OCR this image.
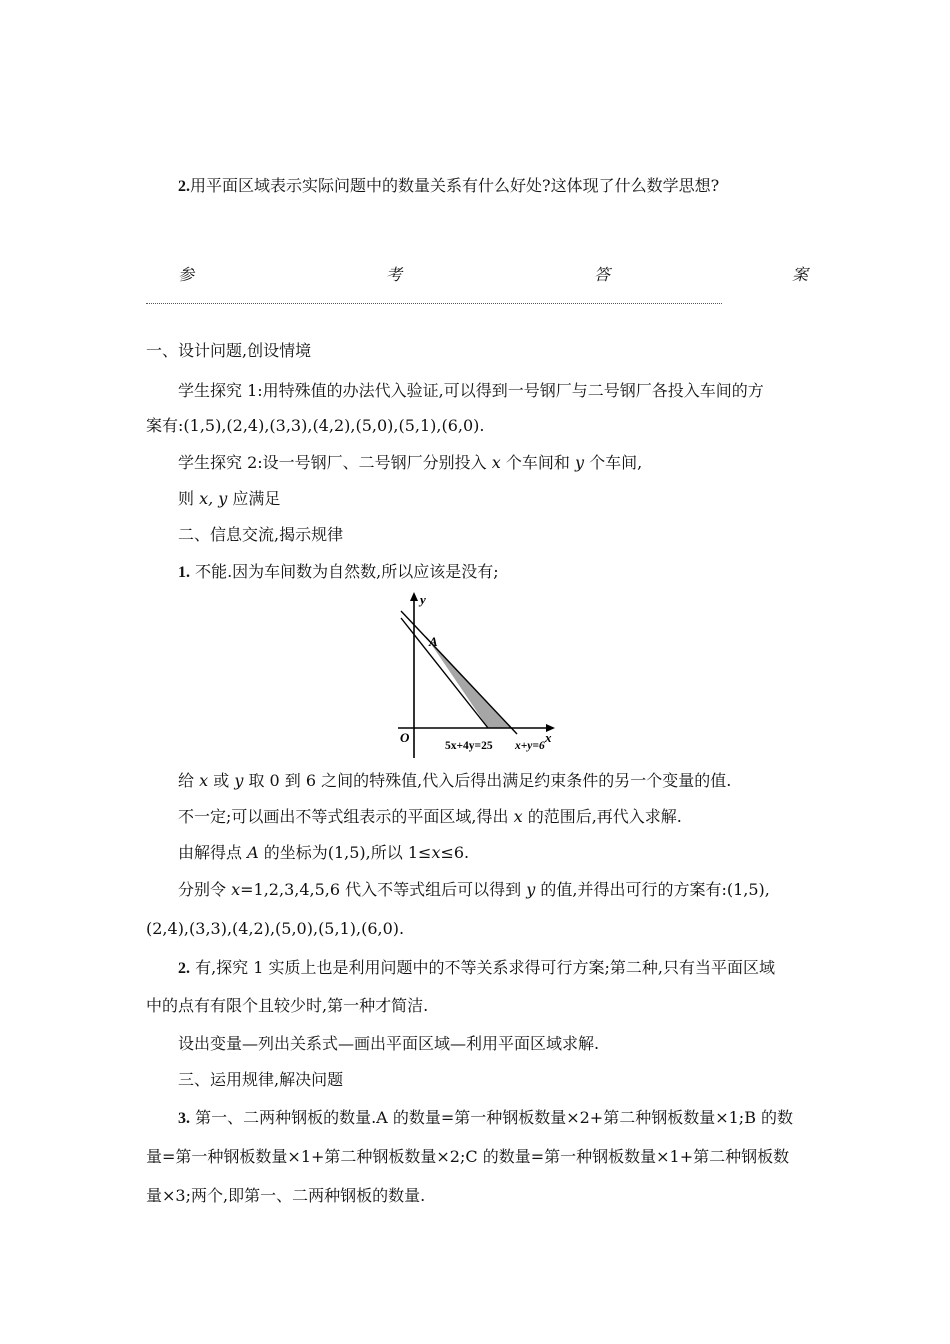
2.用平面区域表示实际问题中的数量关系有什么好处?这体现了什么数学思想?
参	考	答	案
一、设计问题,创设情境
学生探究 1:用特殊值的办法代入验证,可以得到一号钢厂与二号钢厂各投入车间的方
案有:(1,5),(2,4),(3,3),(4,2),(5,0),(5,1),(6,0).
学生探究 2:设一号钢厂、二号钢厂分别投入 x 个车间和 y 个车间,
则 x, y 应满足
二、信息交流,揭示规律
1. 不能.因为车间数为自然数,所以应该是没有;
y
x
O
A
5x+4y=25 x+y=6
给 x 或 y 取 0 到 6 之间的特殊值,代入后得出满足约束条件的另一个变量的值.
不一定;可以画出不等式组表示的平面区域,得出 x 的范围后,再代入求解.
由解得点 A 的坐标为(1,5),所以 1≤x≤6.
分别令 x=1,2,3,4,5,6 代入不等式组后可以得到 y 的值,并得出可行的方案有:(1,5),
(2,4),(3,3),(4,2),(5,0),(5,1),(6,0).
2. 有,探究 1 实质上也是利用问题中的不等关系求得可行方案;第二种,只有当平面区域
中的点有有限个且较少时,第一种才简洁.
设出变量—列出关系式—画出平面区域—利用平面区域求解.
三、运用规律,解决问题
3. 第一、二两种钢板的数量.A 的数量=第一种钢板数量×2+第二种钢板数量×1;B 的数
量=第一种钢板数量×1+第二种钢板数量×2;C 的数量=第一种钢板数量×1+第二种钢板数
量×3;两个,即第一、二两种钢板的数量.
